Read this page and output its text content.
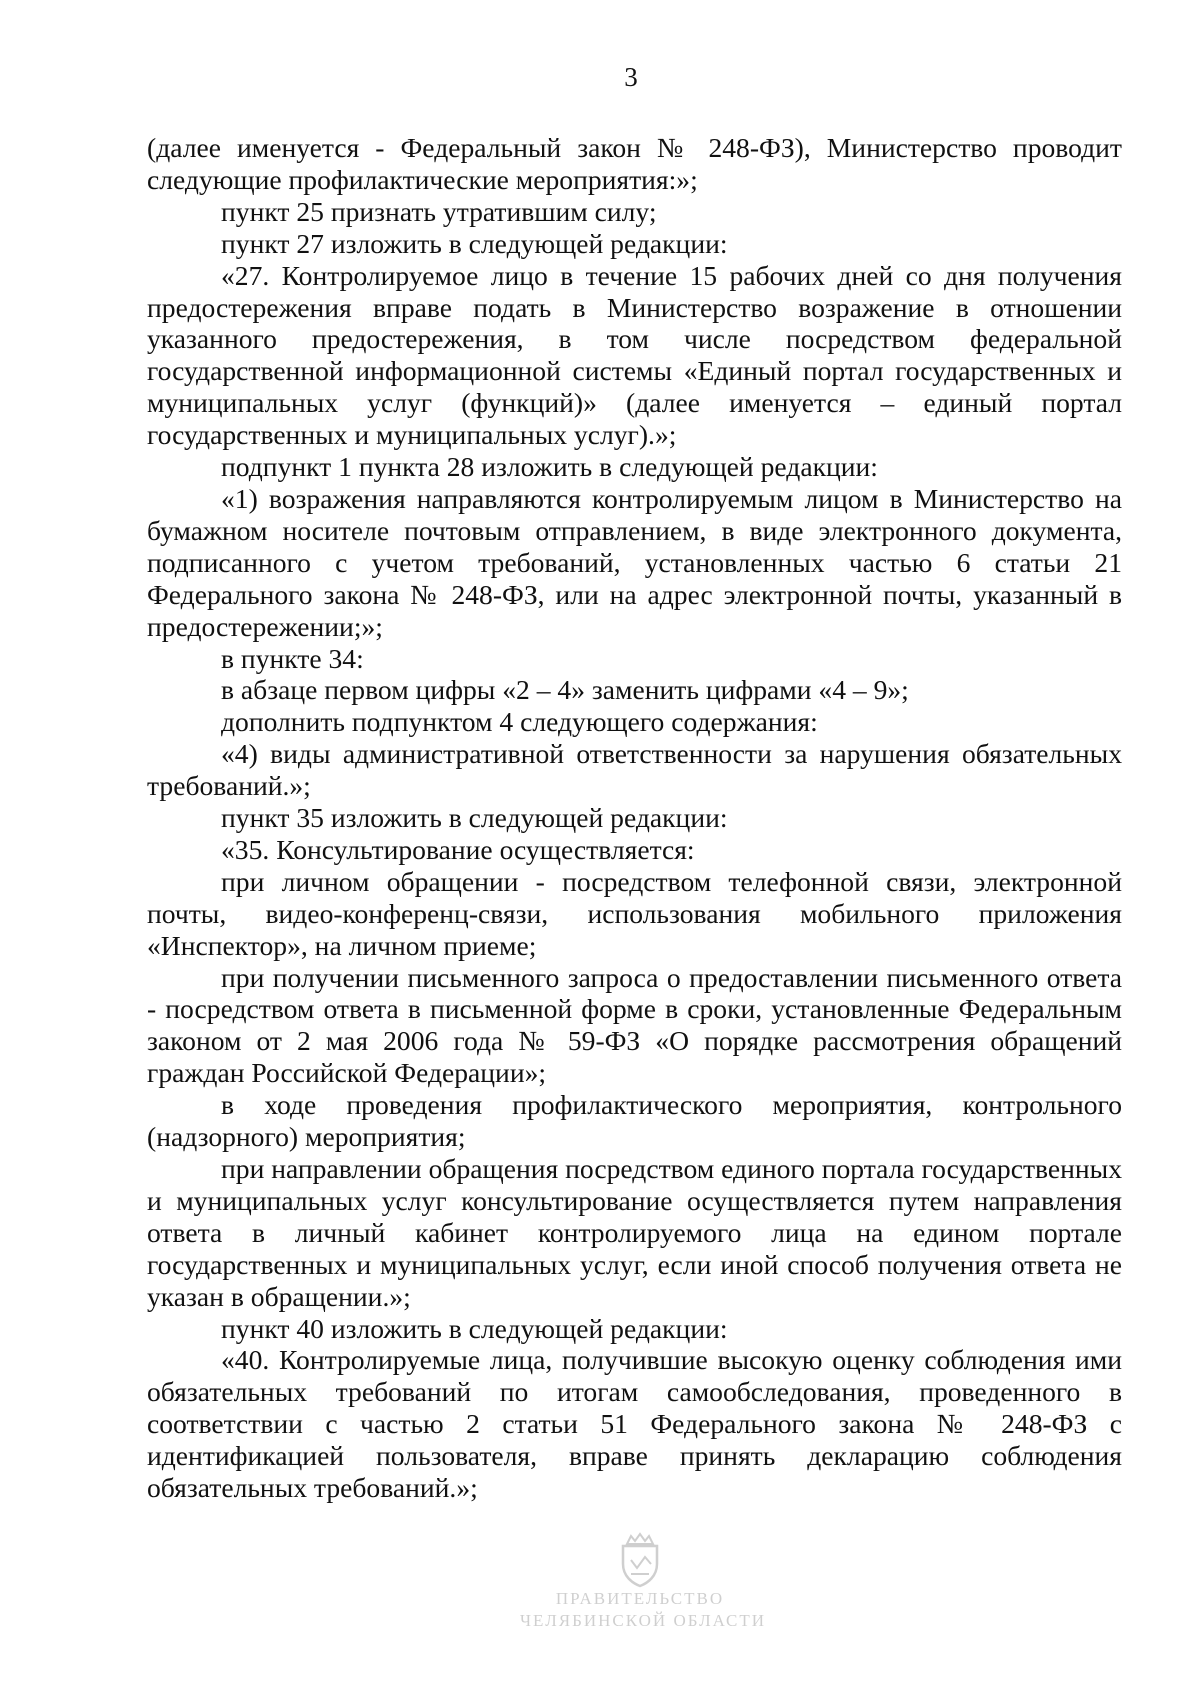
3

(далее именуется - Федеральный закон № 248-ФЗ), Министерство проводит следующие профилактические мероприятия:»;

пункт 25 признать утратившим силу;

пункт 27 изложить в следующей редакции:

«27. Контролируемое лицо в течение 15 рабочих дней со дня получения предостережения вправе подать в Министерство возражение в отношении указанного предостережения, в том числе посредством федеральной государственной информационной системы «Единый портал государственных и муниципальных услуг (функций)» (далее именуется – единый портал государственных и муниципальных услуг).»;

подпункт 1 пункта 28 изложить в следующей редакции:

«1) возражения направляются контролируемым лицом в Министерство на бумажном носителе почтовым отправлением, в виде электронного документа, подписанного с учетом требований, установленных частью 6 статьи 21 Федерального закона № 248-ФЗ, или на адрес электронной почты, указанный в предостережении;»;

в пункте 34:

в абзаце первом цифры «2 – 4» заменить цифрами «4 – 9»;

дополнить подпунктом 4 следующего содержания:

«4) виды административной ответственности за нарушения обязательных требований.»;

пункт 35 изложить в следующей редакции:

«35. Консультирование осуществляется:

при личном обращении - посредством телефонной связи, электронной почты, видео-конференц-связи, использования мобильного приложения «Инспектор», на личном приеме;

при получении письменного запроса о предоставлении письменного ответа - посредством ответа в письменной форме в сроки, установленные Федеральным законом от 2 мая 2006 года № 59-ФЗ «О порядке рассмотрения обращений граждан Российской Федерации»;

в ходе проведения профилактического мероприятия, контрольного (надзорного) мероприятия;

при направлении обращения посредством единого портала государственных и муниципальных услуг консультирование осуществляется путем направления ответа в личный кабинет контролируемого лица на едином портале государственных и муниципальных услуг, если иной способ получения ответа не указан в обращении.»;

пункт 40 изложить в следующей редакции:

«40. Контролируемые лица, получившие высокую оценку соблюдения ими обязательных требований по итогам самообследования, проведенного в соответствии с частью 2 статьи 51 Федерального закона № 248-ФЗ с идентификацией пользователя, вправе принять декларацию соблюдения обязательных требований.»;

ПРАВИТЕЛЬСТВО
ЧЕЛЯБИНСКОЙ ОБЛАСТИ
